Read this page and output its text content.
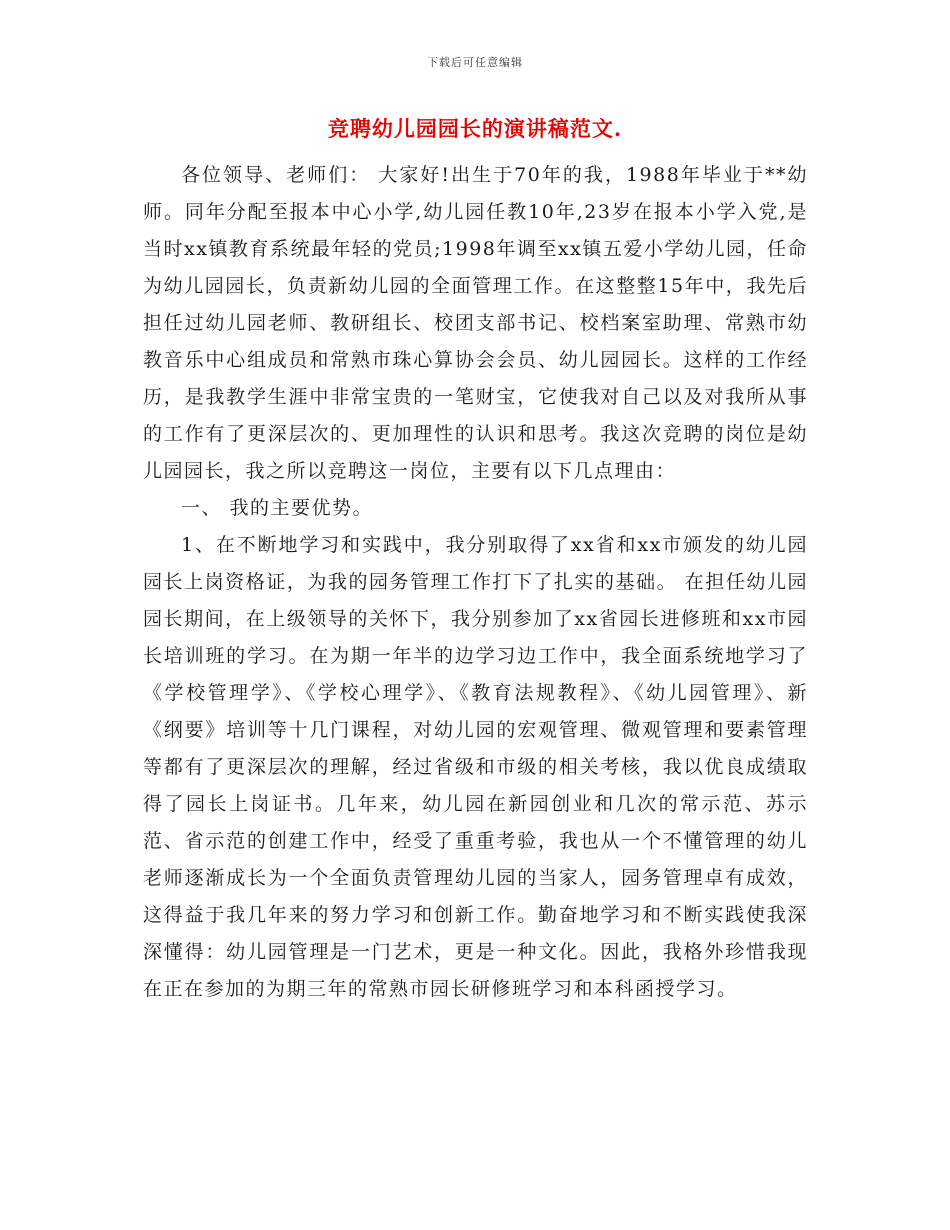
下载后可任意编辑
竞聘幼儿园园长的演讲稿范文.

各位领导、老师们： 大家好!出生于70年的我，1988年毕业于**幼师。同年分配至报本中心小学,幼儿园任教10年,23岁在报本小学入党,是当时xx镇教育系统最年轻的党员;1998年调至xx镇五爱小学幼儿园，任命为幼儿园园长，负责新幼儿园的全面管理工作。在这整整15年中，我先后担任过幼儿园老师、教研组长、校团支部书记、校档案室助理、常熟市幼教音乐中心组成员和常熟市珠心算协会会员、幼儿园园长。这样的工作经历，是我教学生涯中非常宝贵的一笔财宝，它使我对自己以及对我所从事的工作有了更深层次的、更加理性的认识和思考。我这次竞聘的岗位是幼儿园园长，我之所以竞聘这一岗位，主要有以下几点理由：

一、 我的主要优势。

1、在不断地学习和实践中，我分别取得了xx省和xx市颁发的幼儿园园长上岗资格证，为我的园务管理工作打下了扎实的基础。 在担任幼儿园园长期间，在上级领导的关怀下，我分别参加了xx省园长进修班和xx市园长培训班的学习。在为期一年半的边学习边工作中，我全面系统地学习了《学校管理学》、《学校心理学》、《教育法规教程》、《幼儿园管理》、新《纲要》培训等十几门课程，对幼儿园的宏观管理、微观管理和要素管理等都有了更深层次的理解，经过省级和市级的相关考核，我以优良成绩取得了园长上岗证书。几年来，幼儿园在新园创业和几次的常示范、苏示范、省示范的创建工作中，经受了重重考验，我也从一个不懂管理的幼儿老师逐渐成长为一个全面负责管理幼儿园的当家人，园务管理卓有成效，这得益于我几年来的努力学习和创新工作。勤奋地学习和不断实践使我深深懂得：幼儿园管理是一门艺术，更是一种文化。因此，我格外珍惜我现在正在参加的为期三年的常熟市园长研修班学习和本科函授学习。
